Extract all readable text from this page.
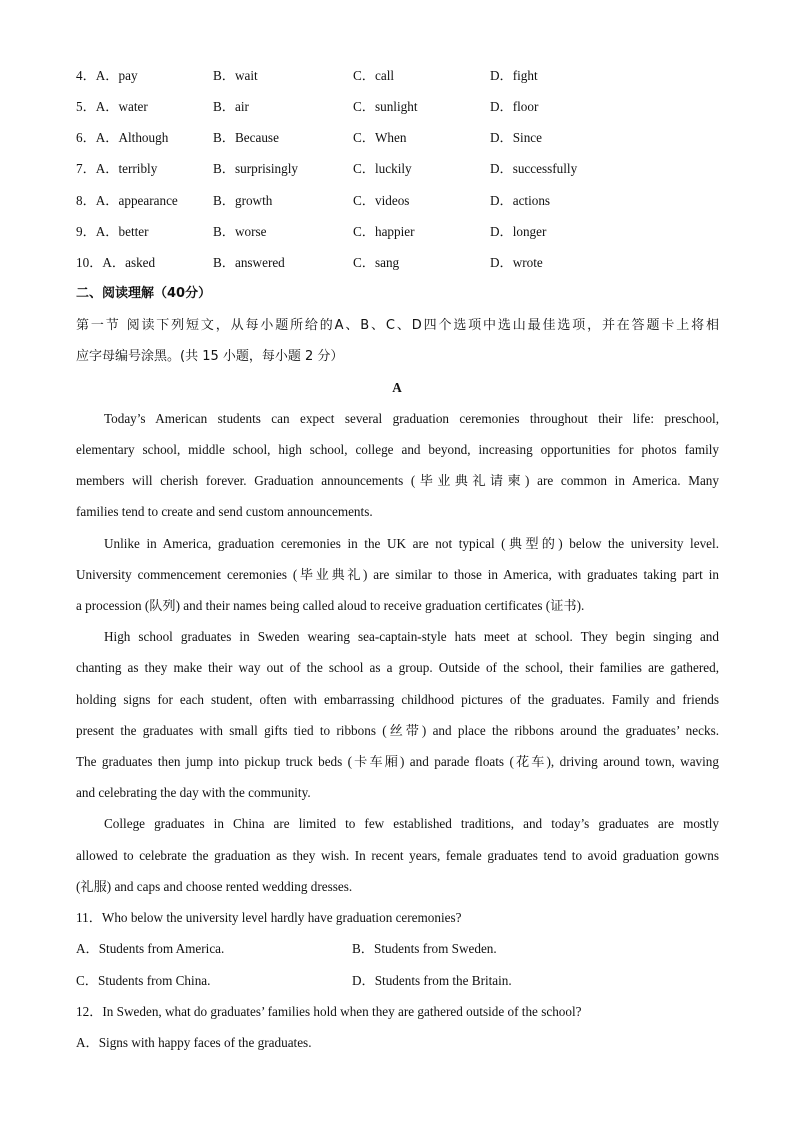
4．A．pay	B．wait	C．call	D．fight
5．A．water	B．air	C．sunlight	D．floor
6．A．Although	B．Because	C．When	D．Since
7．A．terribly	B．surprisingly	C．luckily	D．successfully
8．A．appearance	B．growth	C．videos	D．actions
9．A．better	B．worse	C．happier	D．longer
10．A．asked	B．answered	C．sang	D．wrote
二、阅读理解（40分）
第一节 阅读下列短文，从每小题所给的A、B、C、D四个选项中选山最佳选项，并在答题卡上将相
应字母编号涂黑。(共 15 小题，每小题 2 分）
A
Today’s American students can expect several graduation ceremonies throughout their life: preschool,
elementary school, middle school, high school, college and beyond, increasing opportunities for photos family
members will cherish forever. Graduation announcements (毕业典礼请柬) are common in America. Many
families tend to create and send custom announcements.
Unlike in America, graduation ceremonies in the UK are not typical (典型的) below the university level.
University commencement ceremonies (毕业典礼) are similar to those in America, with graduates taking part in
a procession (队列) and their names being called aloud to receive graduation certificates (证书).
High school graduates in Sweden wearing sea-captain-style hats meet at school. They begin singing and
chanting as they make their way out of the school as a group. Outside of the school, their families are gathered,
holding signs for each student, often with embarrassing childhood pictures of the graduates. Family and friends
present the graduates with small gifts tied to ribbons (丝带) and place the ribbons around the graduates’ necks.
The graduates then jump into pickup truck beds (卡车厢) and parade floats (花车), driving around town, waving
and celebrating the day with the community.
College graduates in China are limited to few established traditions, and today’s graduates are mostly
allowed to celebrate the graduation as they wish. In recent years, female graduates tend to avoid graduation gowns
(礼服) and caps and choose rented wedding dresses.
11．Who below the university level hardly have graduation ceremonies?
A．Students from America.	B．Students from Sweden.
C．Students from China.	D．Students from the Britain.
12．In Sweden, what do graduates’ families hold when they are gathered outside of the school?
A．Signs with happy faces of the graduates.
